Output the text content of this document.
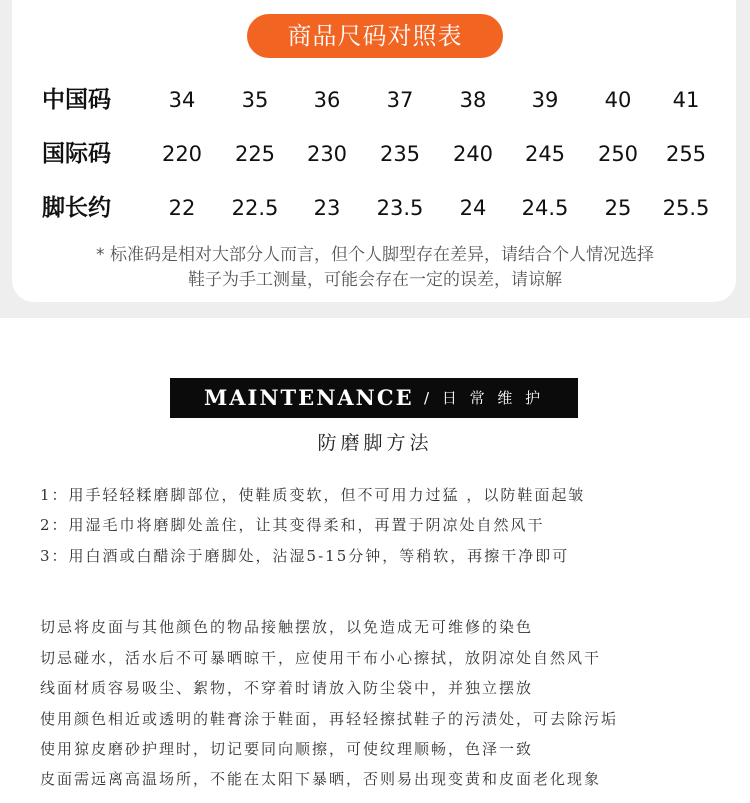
商品尺码对照表
中国码	34	35	36	37	38	39	40	41
国际码	220	225	230	235	240	245	250	255
脚长约	22	22.5	23	23.5	24	24.5	25	25.5
* 标准码是相对大部分人而言，但个人脚型存在差异，请结合个人情况选择
鞋子为手工测量，可能会存在一定的误差，请谅解
MAINTENANCE / 日 常 维 护
防磨脚方法
1：用手轻轻糅磨脚部位，使鞋质变软，但不可用力过猛 ，以防鞋面起皱
2：用湿毛巾将磨脚处盖住，让其变得柔和，再置于阴凉处自然风干
3：用白酒或白醋涂于磨脚处，沾湿5-15分钟，等稍软，再擦干净即可
切忌将皮面与其他颜色的物品接触摆放，以免造成无可维修的染色
切忌碰水，活水后不可暴晒晾干，应使用干布小心擦拭，放阴凉处自然风干
线面材质容易吸尘、絮物，不穿着时请放入防尘袋中，并独立摆放
使用颜色相近或透明的鞋膏涂于鞋面，再轻轻擦拭鞋子的污渍处，可去除污垢
使用猄皮磨砂护理时，切记要同向顺擦，可使纹理顺畅，色泽一致
皮面需远离高温场所，不能在太阳下暴晒，否则易出现变黄和皮面老化现象
